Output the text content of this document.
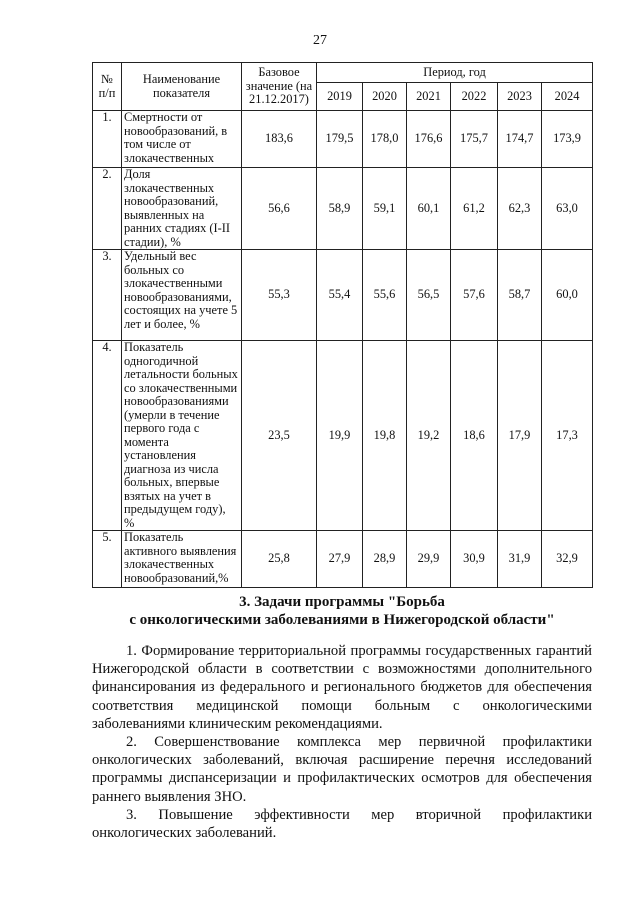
27
№ п/п	Наименование показателя	Базовое значение (на 21.12.2017)	Период, год					
			2019	2020	2021	2022	2023	2024
1.	Смертности от новообразований, в том числе от злокачественных	183,6	179,5	178,0	176,6	175,7	174,7	173,9
2.	Доля злокачественных новообразований, выявленных на ранних стадиях (I-II стадии), %	56,6	58,9	59,1	60,1	61,2	62,3	63,0
3.	Удельный вес больных со злокачественными новообразованиями, состоящих на учете 5 лет и более, %	55,3	55,4	55,6	56,5	57,6	58,7	60,0
4.	Показатель одногодичной летальности больных со злокачественными новообразованиями (умерли в течение первого года с момента установления диагноза из числа больных, впервые взятых на учет в предыдущем году), %	23,5	19,9	19,8	19,2	18,6	17,9	17,3
5.	Показатель активного выявления злокачественных новообразований,%	25,8	27,9	28,9	29,9	30,9	31,9	32,9
3. Задачи программы "Борьба
с онкологическими заболеваниями в Нижегородской области"

1. Формирование территориальной программы государственных гарантий Нижегородской области в соответствии с возможностями дополнительного финансирования из федерального и регионального бюджетов для обеспечения соответствия медицинской помощи больным с онкологическими заболеваниями клиническим рекомендациями.

2. Совершенствование комплекса мер первичной профилактики онкологических заболеваний, включая расширение перечня исследований программы диспансеризации и профилактических осмотров для обеспечения раннего выявления ЗНО.

3. Повышение эффективности мер вторичной профилактики онкологических заболеваний.
